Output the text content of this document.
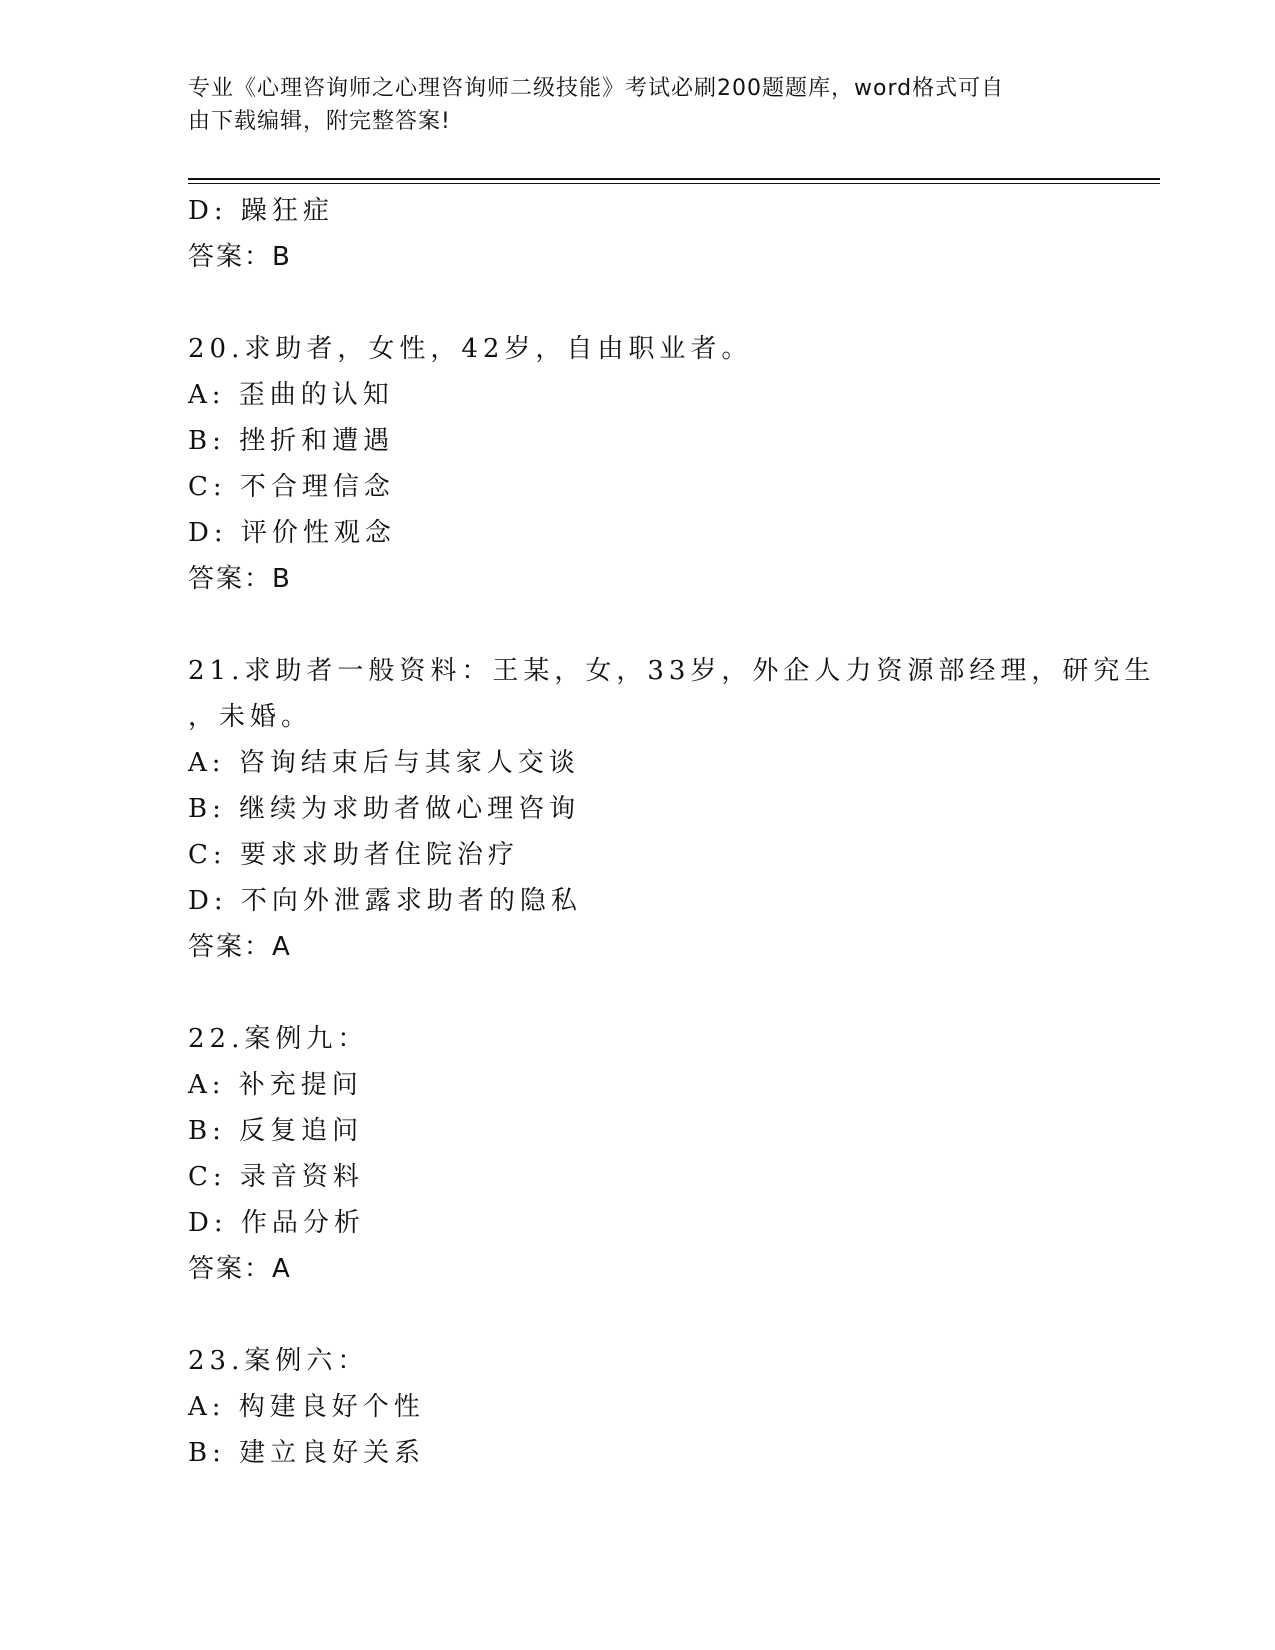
专业《心理咨询师之心理咨询师二级技能》考试必刷200题题库，word格式可自
由下载编辑，附完整答案!
D: 躁狂症
答案：B
20.求助者，女性，42岁，自由职业者。
A: 歪曲的认知
B: 挫折和遭遇
C: 不合理信念
D: 评价性观念
答案：B
21.求助者一般资料：王某，女，33岁，外企人力资源部经理，研究生
，未婚。
A: 咨询结束后与其家人交谈
B: 继续为求助者做心理咨询
C: 要求求助者住院治疗
D: 不向外泄露求助者的隐私
答案：A
22.案例九：
A: 补充提问
B: 反复追问
C: 录音资料
D: 作品分析
答案：A
23.案例六：
A: 构建良好个性
B: 建立良好关系
